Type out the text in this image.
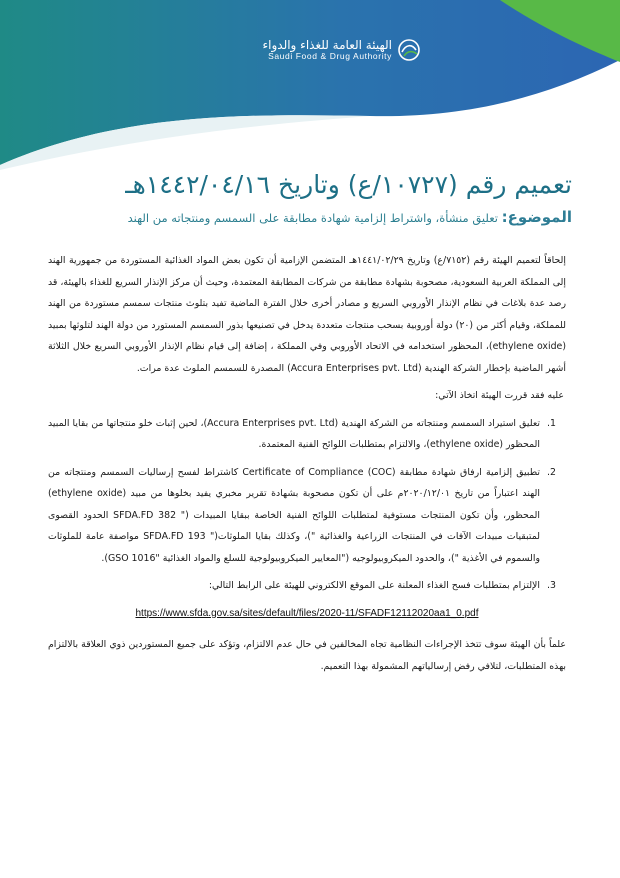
الهيئة العامة للغذاء والدواء
Saudi Food & Drug Authority
تعميم رقم (١٠٧٢٧/ع) وتاريخ ١٤٤٢/٠٤/١٦هـ
الموضوع: تعليق منشأة، واشتراط إلزامية شهادة مطابقة على السمسم ومنتجاته من الهند

إلحاقاً لتعميم الهيئة رقم (٧١٥٢/ع) وتاريخ ١٤٤١/٠٢/٢٩هـ المتضمن الإزامية أن تكون بعض المواد الغذائية المستوردة من جمهورية الهند إلى المملكة العربية السعودية، مصحوبة بشهادة مطابقة من شركات المطابقة المعتمدة، وحيث أن مركز الإنذار السريع للغذاء بالهيئة، قد رصد عدة بلاغات في نظام الإنذار الأوروبي السريع و مصادر أخرى خلال الفترة الماضية تفيد بتلوث منتجات سمسم مستوردة من الهند للمملكة، وقيام أكثر من (٢٠) دولة أوروبية بسحب منتجات متعددة يدخل في تصنيعها بذور السمسم المستورد من دولة الهند لتلوثها بمبيد (ethylene oxide)، المحظور استخدامه في الاتحاد الأوروبي وفي المملكة ، إضافة إلى قيام نظام الإنذار الأوروبي السريع خلال الثلاثة أشهر الماضية بإخطار الشركة الهندية (Accura Enterprises pvt. Ltd) المصدرة للسمسم الملوث عدة مرات.

عليه فقد قررت الهيئة اتخاذ الآتي:

1. تعليق استيراد السمسم ومنتجاته من الشركة الهندية (Accura Enterprises pvt. Ltd)، لحين إثبات خلو منتجاتها من بقايا المبيد المحظور (ethylene oxide)، والالتزام بمتطلبات اللوائح الفنية المعتمدة.
2. تطبيق إلزامية ارفاق شهادة مطابقة (COC) Certificate of Compliance كاشتراط لفسح إرساليات السمسم ومنتجاته من الهند اعتباراً من تاريخ ٢٠٢٠/١٢/٠١م على أن تكون مصحوبة بشهادة تقرير مخبري يفيد بخلوها من مبيد (ethylene oxide) المحظور، وأن تكون المنتجات مستوفية لمتطلبات اللوائح الفنية الخاصة ببقايا المبيدات (" SFDA.FD 382 الحدود القصوى لمتبقيات مبيدات الآفات في المنتجات الزراعية والغذائية ")، وكذلك بقايا الملوثات(" SFDA.FD 193 مواصفة عامة للملوثات والسموم في الأغذية ")، والحدود الميكروبيولوجيه ("المعايير الميكروبيولوجية للسلع والمواد الغذائية "GSO 1016).
3. الإلتزام بمتطلبات فسح الغذاء المعلنة على الموقع الالكتروني للهيئة على الرابط التالي:

https://www.sfda.gov.sa/sites/default/files/2020-11/SFADF12112020aa1_0.pdf

علماً بأن الهيئة سوف تتخذ الإجراءات النظامية تجاه المخالفين في حال عدم الالتزام، وتؤكد على جميع المستوردين ذوي العلاقة بالالتزام بهذه المتطلبات، لتلافي رفض إرسالياتهم المشمولة بهذا التعميم.
